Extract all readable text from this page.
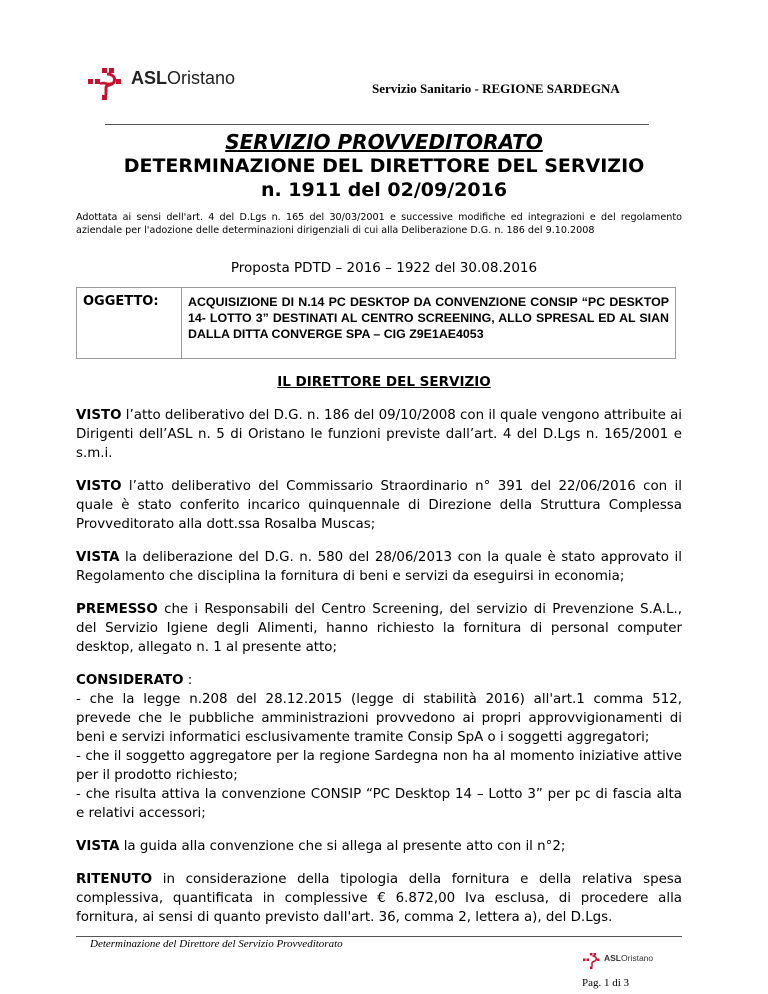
ASLOristano
Servizio Sanitario - REGIONE SARDEGNA
SERVIZIO PROVVEDITORATO
DETERMINAZIONE DEL DIRETTORE DEL SERVIZIO
n. 1911 del 02/09/2016
Adottata ai sensi dell'art. 4 del D.Lgs n. 165 del 30/03/2001 e successive modifiche ed integrazioni e del regolamento aziendale per l'adozione delle determinazioni dirigenziali di cui alla Deliberazione D.G. n. 186 del 9.10.2008
Proposta PDTD – 2016 – 1922 del 30.08.2016
OGGETTO:	ACQUISIZIONE DI N.14 PC DESKTOP DA CONVENZIONE CONSIP “PC DESKTOP 14- LOTTO 3” DESTINATI AL CENTRO SCREENING, ALLO SPRESAL ED AL SIAN DALLA DITTA CONVERGE SPA – CIG Z9E1AE4053
IL DIRETTORE DEL SERVIZIO

VISTO l’atto deliberativo del D.G. n. 186 del 09/10/2008 con il quale vengono attribuite ai Dirigenti dell’ASL n. 5 di Oristano le funzioni previste dall’art. 4 del D.Lgs n. 165/2001 e s.m.i.

VISTO l’atto deliberativo del Commissario Straordinario n° 391 del 22/06/2016 con il quale è stato conferito incarico quinquennale di Direzione della Struttura Complessa Provveditorato alla dott.ssa Rosalba Muscas;

VISTA la deliberazione del D.G. n. 580 del 28/06/2013 con la quale è stato approvato il Regolamento che disciplina la fornitura di beni e servizi da eseguirsi in economia;

PREMESSO che i Responsabili del Centro Screening, del servizio di Prevenzione S.A.L., del Servizio Igiene degli Alimenti, hanno richiesto la fornitura di personal computer desktop, allegato n. 1 al presente atto;

CONSIDERATO :
- che la legge n.208 del 28.12.2015 (legge di stabilità 2016) all'art.1 comma 512, prevede che le pubbliche amministrazioni provvedono ai propri approvvigionamenti di beni e servizi informatici esclusivamente tramite Consip SpA o i soggetti aggregatori;
- che il soggetto aggregatore per la regione Sardegna non ha al momento iniziative attive per il prodotto richiesto;
- che risulta attiva la convenzione CONSIP “PC Desktop 14 – Lotto 3” per pc di fascia alta e relativi accessori;

VISTA la guida alla convenzione che si allega al presente atto con il n°2;

RITENUTO in considerazione della tipologia della fornitura e della relativa spesa complessiva, quantificata in complessive € 6.872,00 Iva esclusa, di procedere alla fornitura, ai sensi di quanto previsto dall'art. 36, comma 2, lettera a), del D.Lgs.

Determinazione del Direttore del Servizio Provveditorato
ASLOristano
Pag. 1 di 3
